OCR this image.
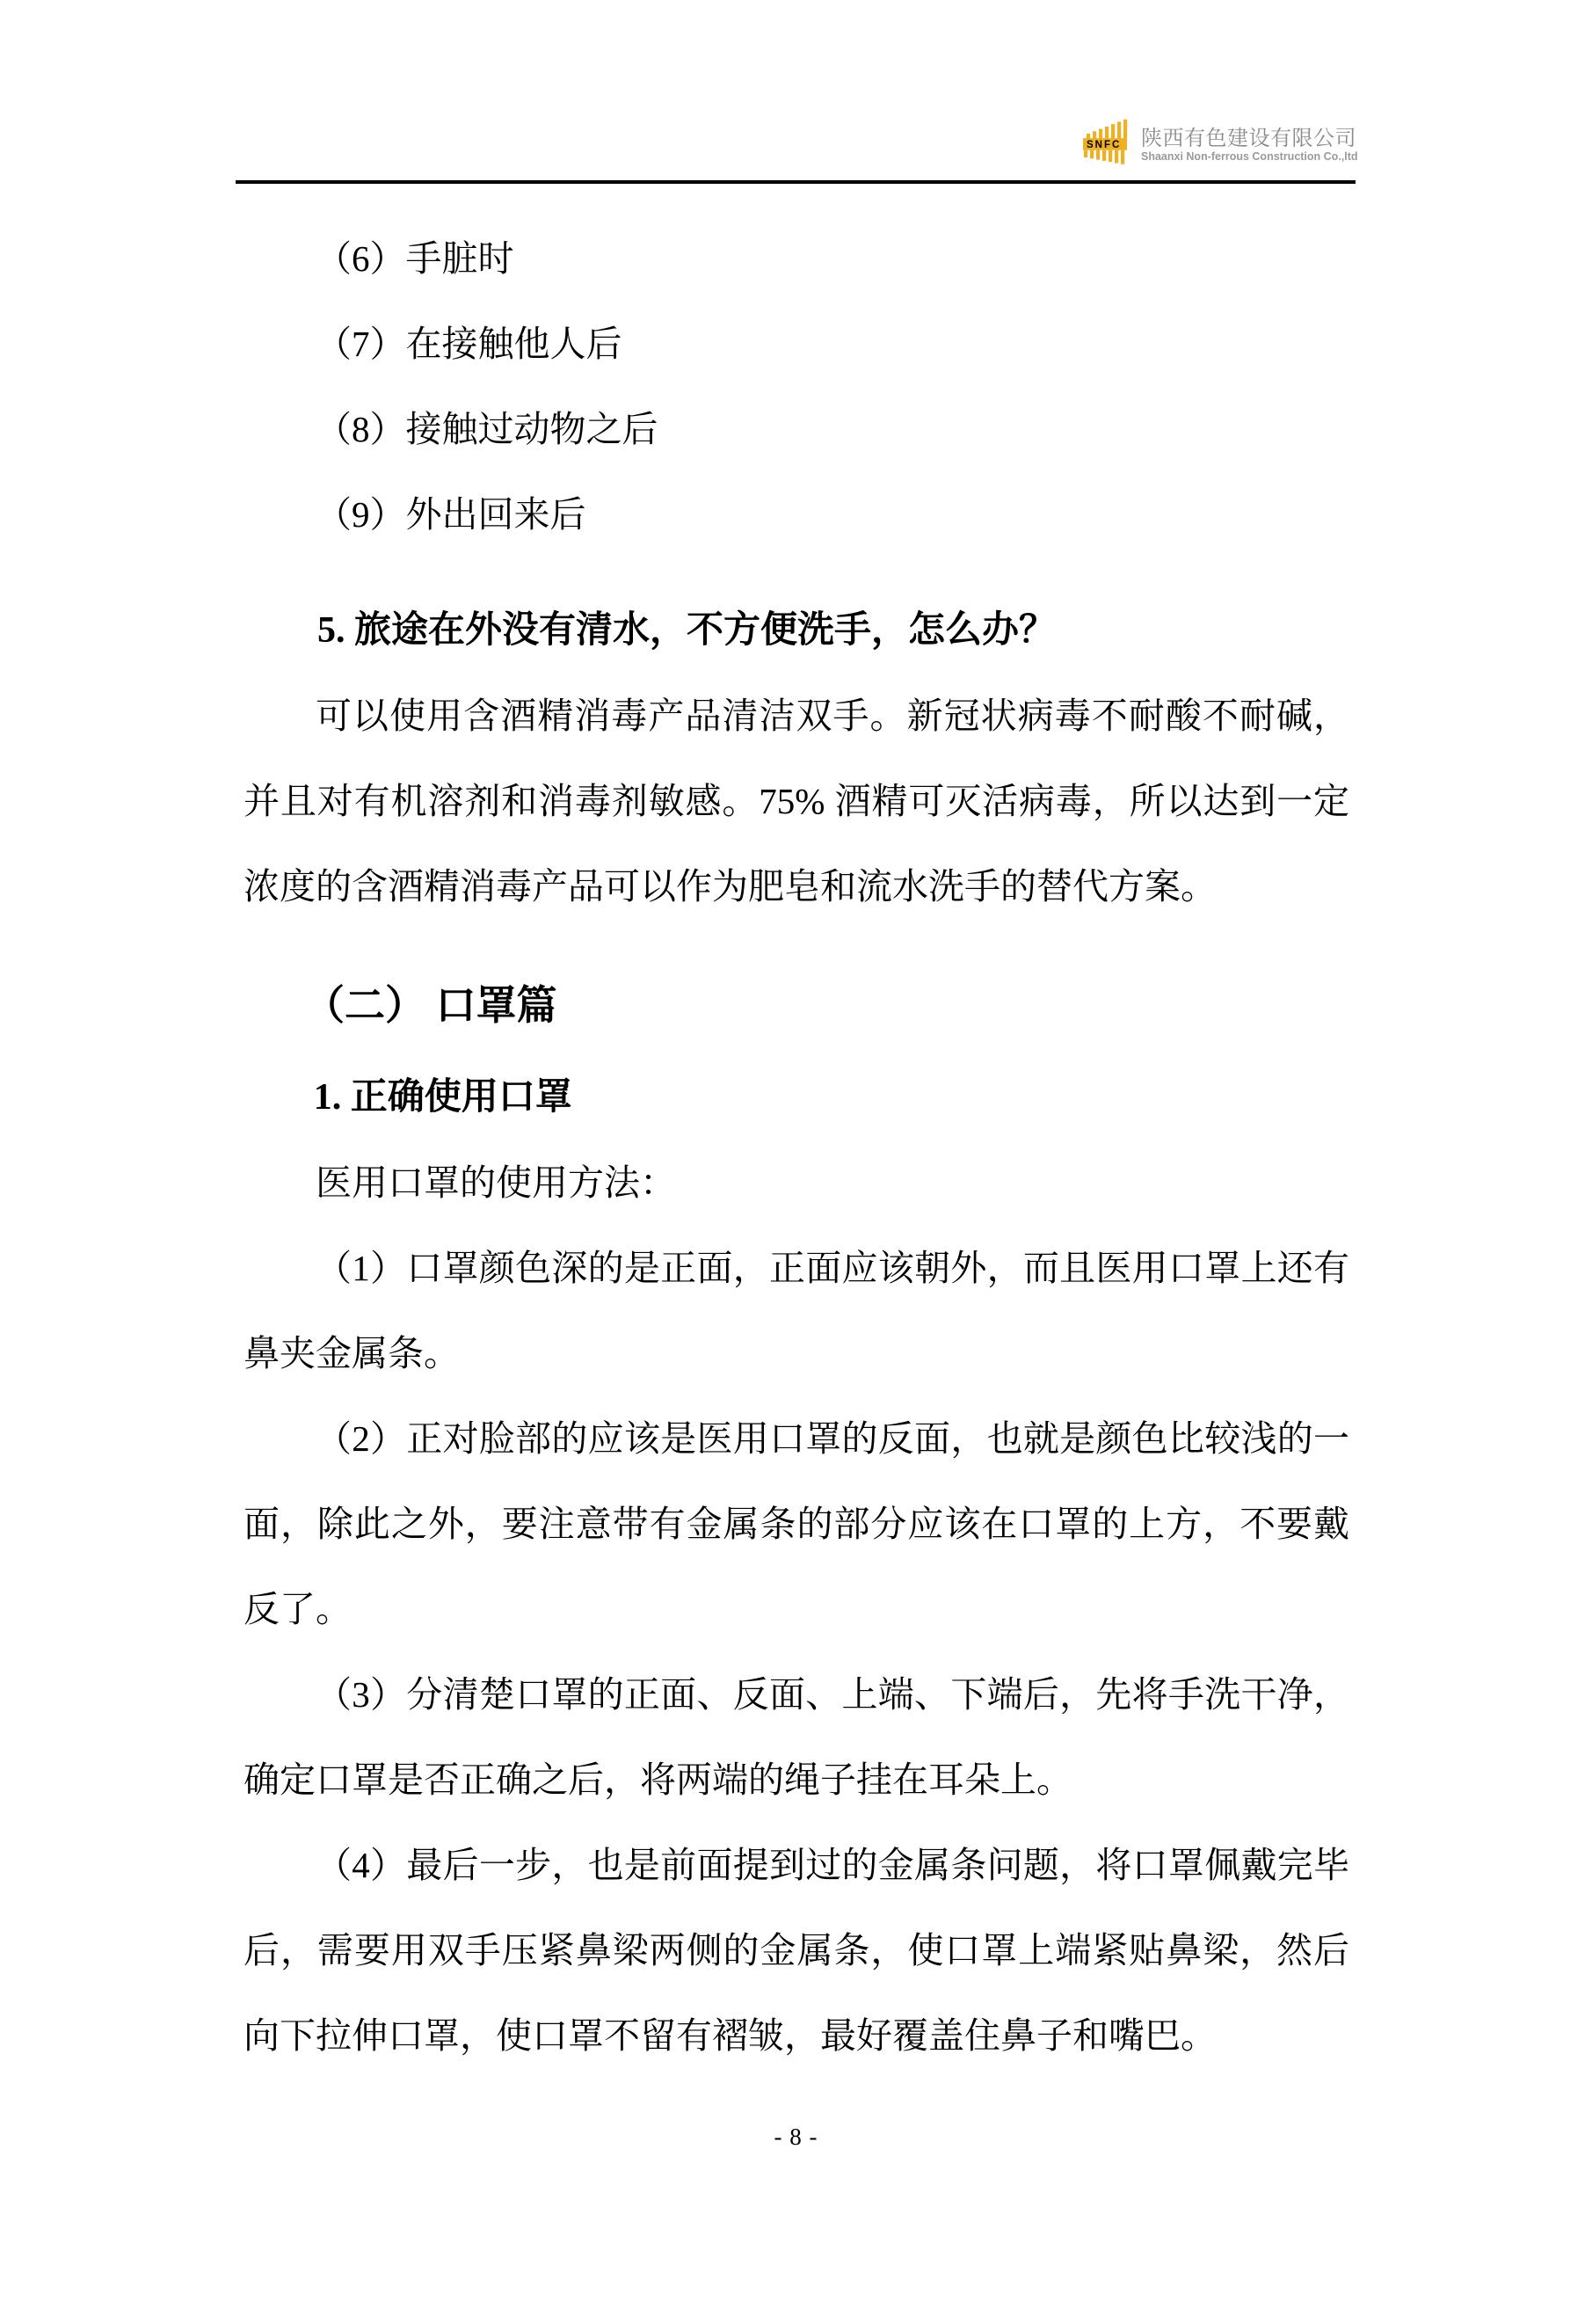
SNFC 陕西有色建设有限公司
Shaanxi Non-ferrous Construction Co.,ltd

（6）手脏时

（7）在接触他人后

（8）接触过动物之后

（9）外出回来后

5. 旅途在外没有清水，不方便洗手，怎么办？

可以使用含酒精消毒产品清洁双手。新冠状病毒不耐酸不耐碱，并且对有机溶剂和消毒剂敏感。75% 酒精可灭活病毒，所以达到一定浓度的含酒精消毒产品可以作为肥皂和流水洗手的替代方案。

（二） 口罩篇

1. 正确使用口罩

医用口罩的使用方法：

（1）口罩颜色深的是正面，正面应该朝外，而且医用口罩上还有鼻夹金属条。

（2）正对脸部的应该是医用口罩的反面，也就是颜色比较浅的一面，除此之外，要注意带有金属条的部分应该在口罩的上方，不要戴反了。

（3）分清楚口罩的正面、反面、上端、下端后，先将手洗干净，确定口罩是否正确之后，将两端的绳子挂在耳朵上。

（4）最后一步，也是前面提到过的金属条问题，将口罩佩戴完毕后，需要用双手压紧鼻梁两侧的金属条，使口罩上端紧贴鼻梁，然后向下拉伸口罩，使口罩不留有褶皱，最好覆盖住鼻子和嘴巴。

- 8 -
